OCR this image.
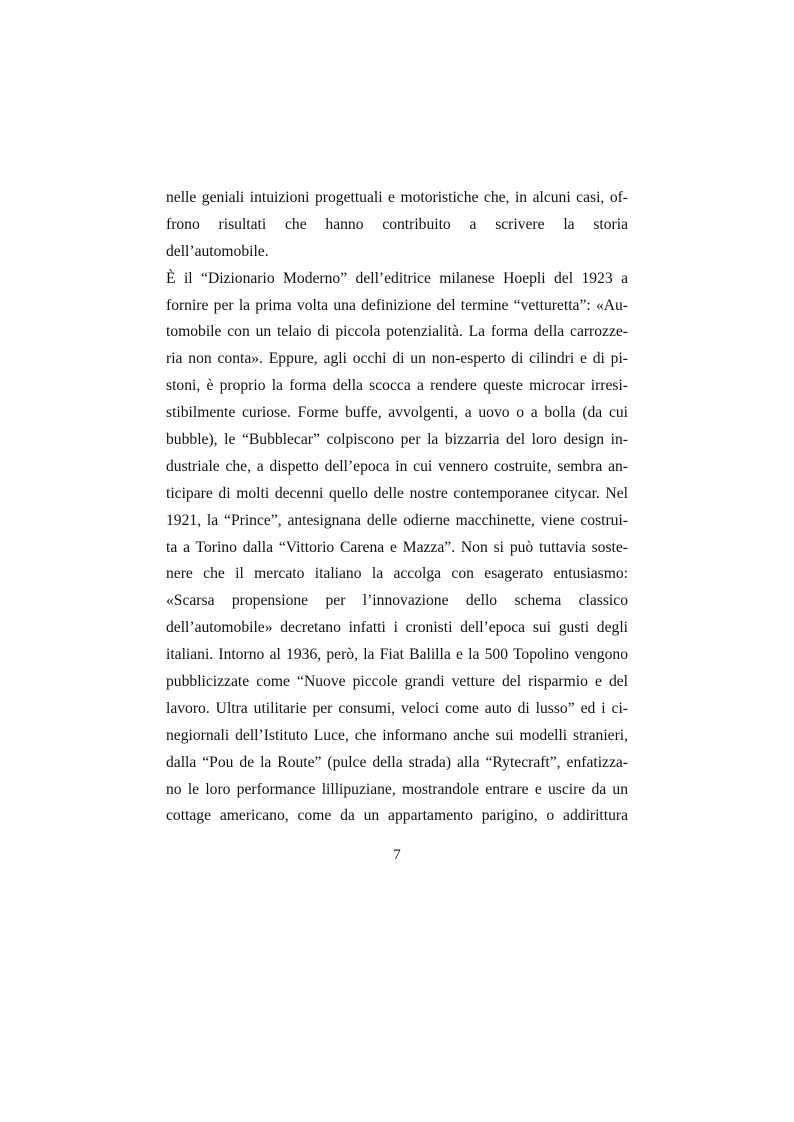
nelle geniali intuizioni progettuali e motoristiche che, in alcuni casi, of-
frono risultati che hanno contribuito a scrivere la storia
dell’automobile.
È il “Dizionario Moderno” dell’editrice milanese Hoepli del 1923 a
fornire per la prima volta una definizione del termine “vetturetta”: «Au-
tomobile con un telaio di piccola potenzialità. La forma della carrozze-
ria non conta». Eppure, agli occhi di un non-esperto di cilindri e di pi-
stoni, è proprio la forma della scocca a rendere queste microcar irresi-
stibilmente curiose. Forme buffe, avvolgenti, a uovo o a bolla (da cui
bubble), le “Bubblecar” colpiscono per la bizzarria del loro design in-
dustriale che, a dispetto dell’epoca in cui vennero costruite, sembra an-
ticipare di molti decenni quello delle nostre contemporanee citycar. Nel
1921, la “Prince”, antesignana delle odierne macchinette, viene costrui-
ta a Torino dalla “Vittorio Carena e Mazza”. Non si può tuttavia soste-
nere che il mercato italiano la accolga con esagerato entusiasmo:
«Scarsa propensione per l’innovazione dello schema classico
dell’automobile» decretano infatti i cronisti dell’epoca sui gusti degli
italiani. Intorno al 1936, però, la Fiat Balilla e la 500 Topolino vengono
pubblicizzate come “Nuove piccole grandi vetture del risparmio e del
lavoro. Ultra utilitarie per consumi, veloci come auto di lusso” ed i ci-
negiornali dell’Istituto Luce, che informano anche sui modelli stranieri,
dalla “Pou de la Route” (pulce della strada) alla “Rytecraft”, enfatizza-
no le loro performance lillipuziane, mostrandole entrare e uscire da un
cottage americano, come da un appartamento parigino, o addirittura
7
